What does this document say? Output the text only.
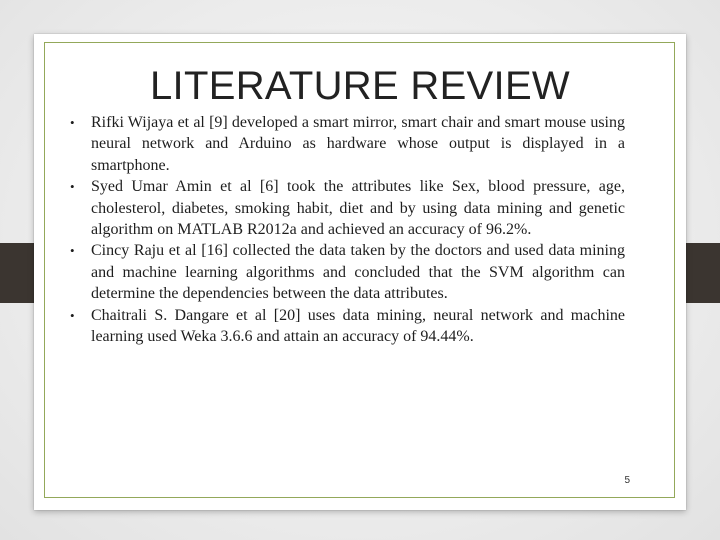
LITERATURE REVIEW
• Rifki Wijaya et al [9] developed a smart mirror, smart chair and smart mouse using neural network and Arduino as hardware whose output is displayed in a smartphone.
• Syed Umar Amin et al [6] took the attributes like Sex, blood pressure, age, cholesterol, diabetes, smoking habit, diet and by using data mining and genetic algorithm on MATLAB R2012a and achieved an accuracy of 96.2%.
• Cincy Raju et al [16] collected the data taken by the doctors and used data mining and machine learning algorithms and concluded that the SVM algorithm can determine the dependencies between the data attributes.
• Chaitrali S. Dangare et al [20] uses data mining, neural network and machine learning used Weka 3.6.6 and attain an accuracy of 94.44%.
5
